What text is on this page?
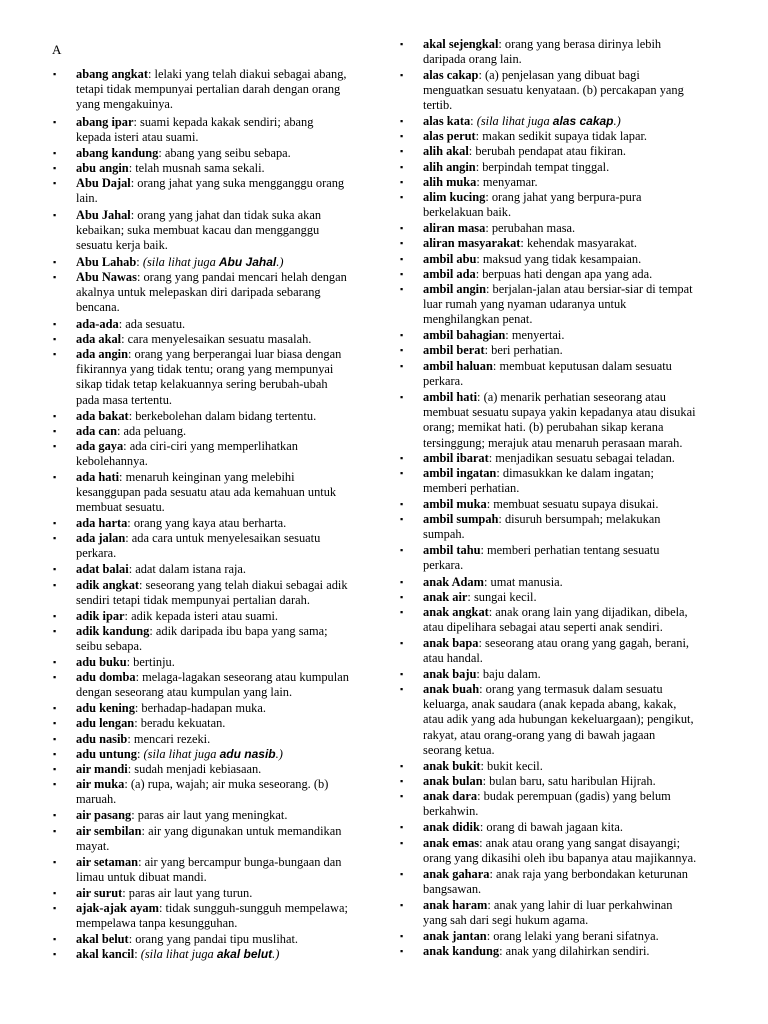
A
▪ abang angkat: lelaki yang telah diakui sebagai abang,
tetapi tidak mempunyai pertalian darah dengan orang
yang mengakuinya.
▪ abang ipar: suami kepada kakak sendiri; abang
kepada isteri atau suami.
▪ abang kandung: abang yang seibu sebapa.
▪ abu angin: telah musnah sama sekali.
▪ Abu Dajal: orang jahat yang suka mengganggu orang
lain.
▪ Abu Jahal: orang yang jahat dan tidak suka akan
kebaikan; suka membuat kacau dan mengganggu
sesuatu kerja baik.
▪ Abu Lahab: (sila lihat juga Abu Jahal.)
▪ Abu Nawas: orang yang pandai mencari helah dengan
akalnya untuk melepaskan diri daripada sebarang
bencana.
▪ ada-ada: ada sesuatu.
▪ ada akal: cara menyelesaikan sesuatu masalah.
▪ ada angin: orang yang berperangai luar biasa dengan
fikirannya yang tidak tentu; orang yang mempunyai
sikap tidak tetap kelakuannya sering berubah-ubah
pada masa tertentu.
▪ ada bakat: berkebolehan dalam bidang tertentu.
▪ ada can: ada peluang.
▪ ada gaya: ada ciri-ciri yang memperlihatkan
kebolehannya.
▪ ada hati: menaruh keinginan yang melebihi
kesanggupan pada sesuatu atau ada kemahuan untuk
membuat sesuatu.
▪ ada harta: orang yang kaya atau berharta.
▪ ada jalan: ada cara untuk menyelesaikan sesuatu
perkara.
▪ adat balai: adat dalam istana raja.
▪ adik angkat: seseorang yang telah diakui sebagai adik
sendiri tetapi tidak mempunyai pertalian darah.
▪ adik ipar: adik kepada isteri atau suami.
▪ adik kandung: adik daripada ibu bapa yang sama;
seibu sebapa.
▪ adu buku: bertinju.
▪ adu domba: melaga-lagakan seseorang atau kumpulan
dengan seseorang atau kumpulan yang lain.
▪ adu kening: berhadap-hadapan muka.
▪ adu lengan: beradu kekuatan.
▪ adu nasib: mencari rezeki.
▪ adu untung: (sila lihat juga adu nasib.)
▪ air mandi: sudah menjadi kebiasaan.
▪ air muka: (a) rupa, wajah; air muka seseorang. (b)
maruah.
▪ air pasang: paras air laut yang meningkat.
▪ air sembilan: air yang digunakan untuk memandikan
mayat.
▪ air setaman: air yang bercampur bunga-bungaan dan
limau untuk dibuat mandi.
▪ air surut: paras air laut yang turun.
▪ ajak-ajak ayam: tidak sungguh-sungguh mempelawa;
mempelawa tanpa kesungguhan.
▪ akal belut: orang yang pandai tipu muslihat.
▪ akal kancil: (sila lihat juga akal belut.)
▪ akal sejengkal: orang yang berasa dirinya lebih
daripada orang lain.
▪ alas cakap: (a) penjelasan yang dibuat bagi
menguatkan sesuatu kenyataan. (b) percakapan yang
tertib.
▪ alas kata: (sila lihat juga alas cakap.)
▪ alas perut: makan sedikit supaya tidak lapar.
▪ alih akal: berubah pendapat atau fikiran.
▪ alih angin: berpindah tempat tinggal.
▪ alih muka: menyamar.
▪ alim kucing: orang jahat yang berpura-pura
berkelakuan baik.
▪ aliran masa: perubahan masa.
▪ aliran masyarakat: kehendak masyarakat.
▪ ambil abu: maksud yang tidak kesampaian.
▪ ambil ada: berpuas hati dengan apa yang ada.
▪ ambil angin: berjalan-jalan atau bersiar-siar di tempat
luar rumah yang nyaman udaranya untuk
menghilangkan penat.
▪ ambil bahagian: menyertai.
▪ ambil berat: beri perhatian.
▪ ambil haluan: membuat keputusan dalam sesuatu
perkara.
▪ ambil hati: (a) menarik perhatian seseorang atau
membuat sesuatu supaya yakin kepadanya atau disukai
orang; memikat hati. (b) perubahan sikap kerana
tersinggung; merajuk atau menaruh perasaan marah.
▪ ambil ibarat: menjadikan sesuatu sebagai teladan.
▪ ambil ingatan: dimasukkan ke dalam ingatan;
memberi perhatian.
▪ ambil muka: membuat sesuatu supaya disukai.
▪ ambil sumpah: disuruh bersumpah; melakukan
sumpah.
▪ ambil tahu: memberi perhatian tentang sesuatu
perkara.
▪ anak Adam: umat manusia.
▪ anak air: sungai kecil.
▪ anak angkat: anak orang lain yang dijadikan, dibela,
atau dipelihara sebagai atau seperti anak sendiri.
▪ anak bapa: seseorang atau orang yang gagah, berani,
atau handal.
▪ anak baju: baju dalam.
▪ anak buah: orang yang termasuk dalam sesuatu
keluarga, anak saudara (anak kepada abang, kakak,
atau adik yang ada hubungan kekeluargaan); pengikut,
rakyat, atau orang-orang yang di bawah jagaan
seorang ketua.
▪ anak bukit: bukit kecil.
▪ anak bulan: bulan baru, satu haribulan Hijrah.
▪ anak dara: budak perempuan (gadis) yang belum
berkahwin.
▪ anak didik: orang di bawah jagaan kita.
▪ anak emas: anak atau orang yang sangat disayangi;
orang yang dikasihi oleh ibu bapanya atau majikannya.
▪ anak gahara: anak raja yang berbondakan keturunan
bangsawan.
▪ anak haram: anak yang lahir di luar perkahwinan
yang sah dari segi hukum agama.
▪ anak jantan: orang lelaki yang berani sifatnya.
▪ anak kandung: anak yang dilahirkan sendiri.
